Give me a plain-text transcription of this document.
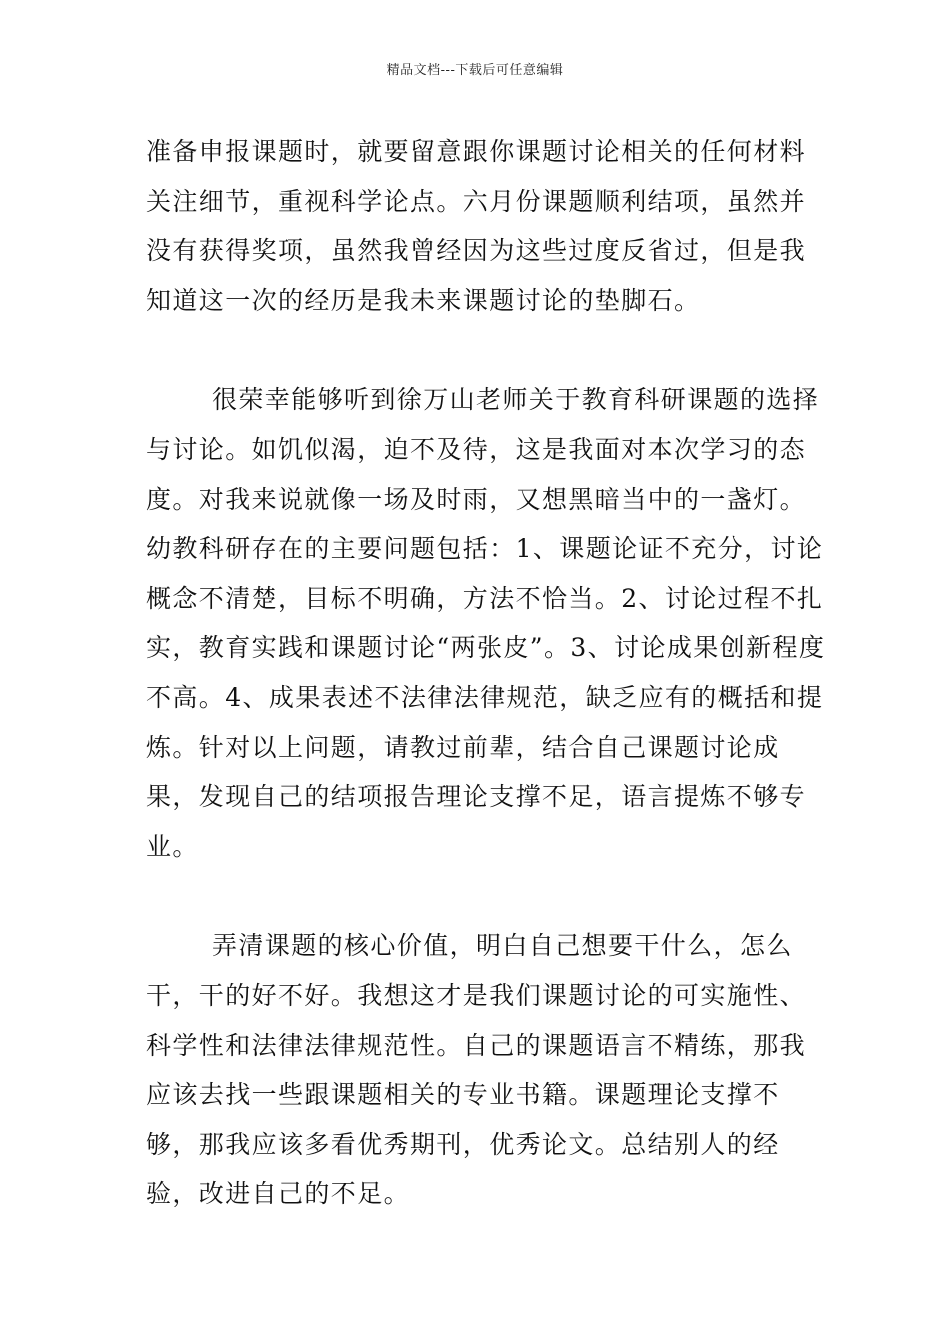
精品文档---下载后可任意编辑

准备申报课题时，就要留意跟你课题讨论相关的任何材料关注细节，重视科学论点。六月份课题顺利结项，虽然并没有获得奖项，虽然我曾经因为这些过度反省过，但是我知道这一次的经历是我未来课题讨论的垫脚石。

很荣幸能够听到徐万山老师关于教育科研课题的选择与讨论。如饥似渴，迫不及待，这是我面对本次学习的态度。对我来说就像一场及时雨，又想黑暗当中的一盏灯。幼教科研存在的主要问题包括：1、课题论证不充分，讨论概念不清楚，目标不明确，方法不恰当。2、讨论过程不扎实，教育实践和课题讨论“两张皮”。3、讨论成果创新程度不高。4、成果表述不法律法律规范，缺乏应有的概括和提炼。针对以上问题，请教过前辈，结合自己课题讨论成果，发现自己的结项报告理论支撑不足，语言提炼不够专业。

弄清课题的核心价值，明白自己想要干什么，怎么干，干的好不好。我想这才是我们课题讨论的可实施性、科学性和法律法律规范性。自己的课题语言不精练，那我应该去找一些跟课题相关的专业书籍。课题理论支撑不够，那我应该多看优秀期刊，优秀论文。总结别人的经验，改进自己的不足。
